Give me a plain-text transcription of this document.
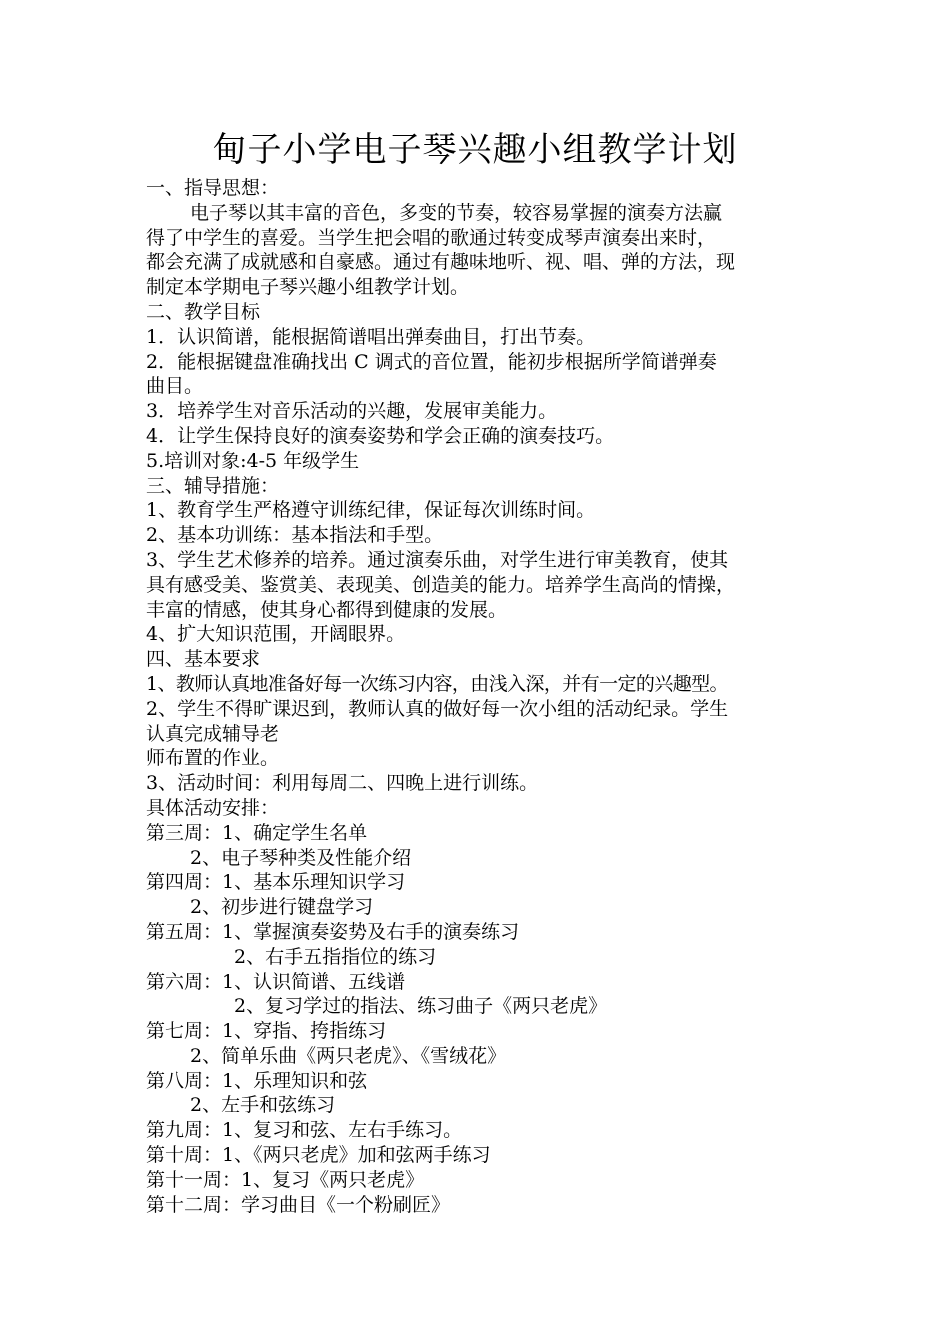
甸子小学电子琴兴趣小组教学计划
一、指导思想：
电子琴以其丰富的音色，多变的节奏，较容易掌握的演奏方法赢
得了中学生的喜爱。当学生把会唱的歌通过转变成琴声演奏出来时，
都会充满了成就感和自豪感。通过有趣味地听、视、唱、弹的方法，现
制定本学期电子琴兴趣小组教学计划。
二、教学目标
1．认识简谱，能根据简谱唱出弹奏曲目，打出节奏。
2．能根据键盘准确找出 C 调式的音位置，能初步根据所学简谱弹奏
曲目。
3．培养学生对音乐活动的兴趣，发展审美能力。
4．让学生保持良好的演奏姿势和学会正确的演奏技巧。
5.培训对象:4-5 年级学生
三、辅导措施：
1、教育学生严格遵守训练纪律，保证每次训练时间。
2、基本功训练：基本指法和手型。
3、学生艺术修养的培养。通过演奏乐曲，对学生进行审美教育，使其
具有感受美、鉴赏美、表现美、创造美的能力。培养学生高尚的情操，
丰富的情感，使其身心都得到健康的发展。
4、扩大知识范围，开阔眼界。
四、基本要求
1、教师认真地准备好每一次练习内容，由浅入深，并有一定的兴趣型。
2、学生不得旷课迟到，教师认真的做好每一次小组的活动纪录。学生
认真完成辅导老
师布置的作业。
3、活动时间：利用每周二、四晚上进行训练。
具体活动安排：
第三周：1、确定学生名单
2、电子琴种类及性能介绍
第四周：1、基本乐理知识学习
2、初步进行键盘学习
第五周：1、掌握演奏姿势及右手的演奏练习
2、右手五指指位的练习
第六周：1、认识简谱、五线谱
2、复习学过的指法、练习曲子《两只老虎》
第七周：1、穿指、挎指练习
2、简单乐曲《两只老虎》、《雪绒花》
第八周：1、乐理知识和弦
2、左手和弦练习
第九周：1、复习和弦、左右手练习。
第十周：1、《两只老虎》加和弦两手练习
第十一周：1、复习《两只老虎》
第十二周：学习曲目《一个粉刷匠》
